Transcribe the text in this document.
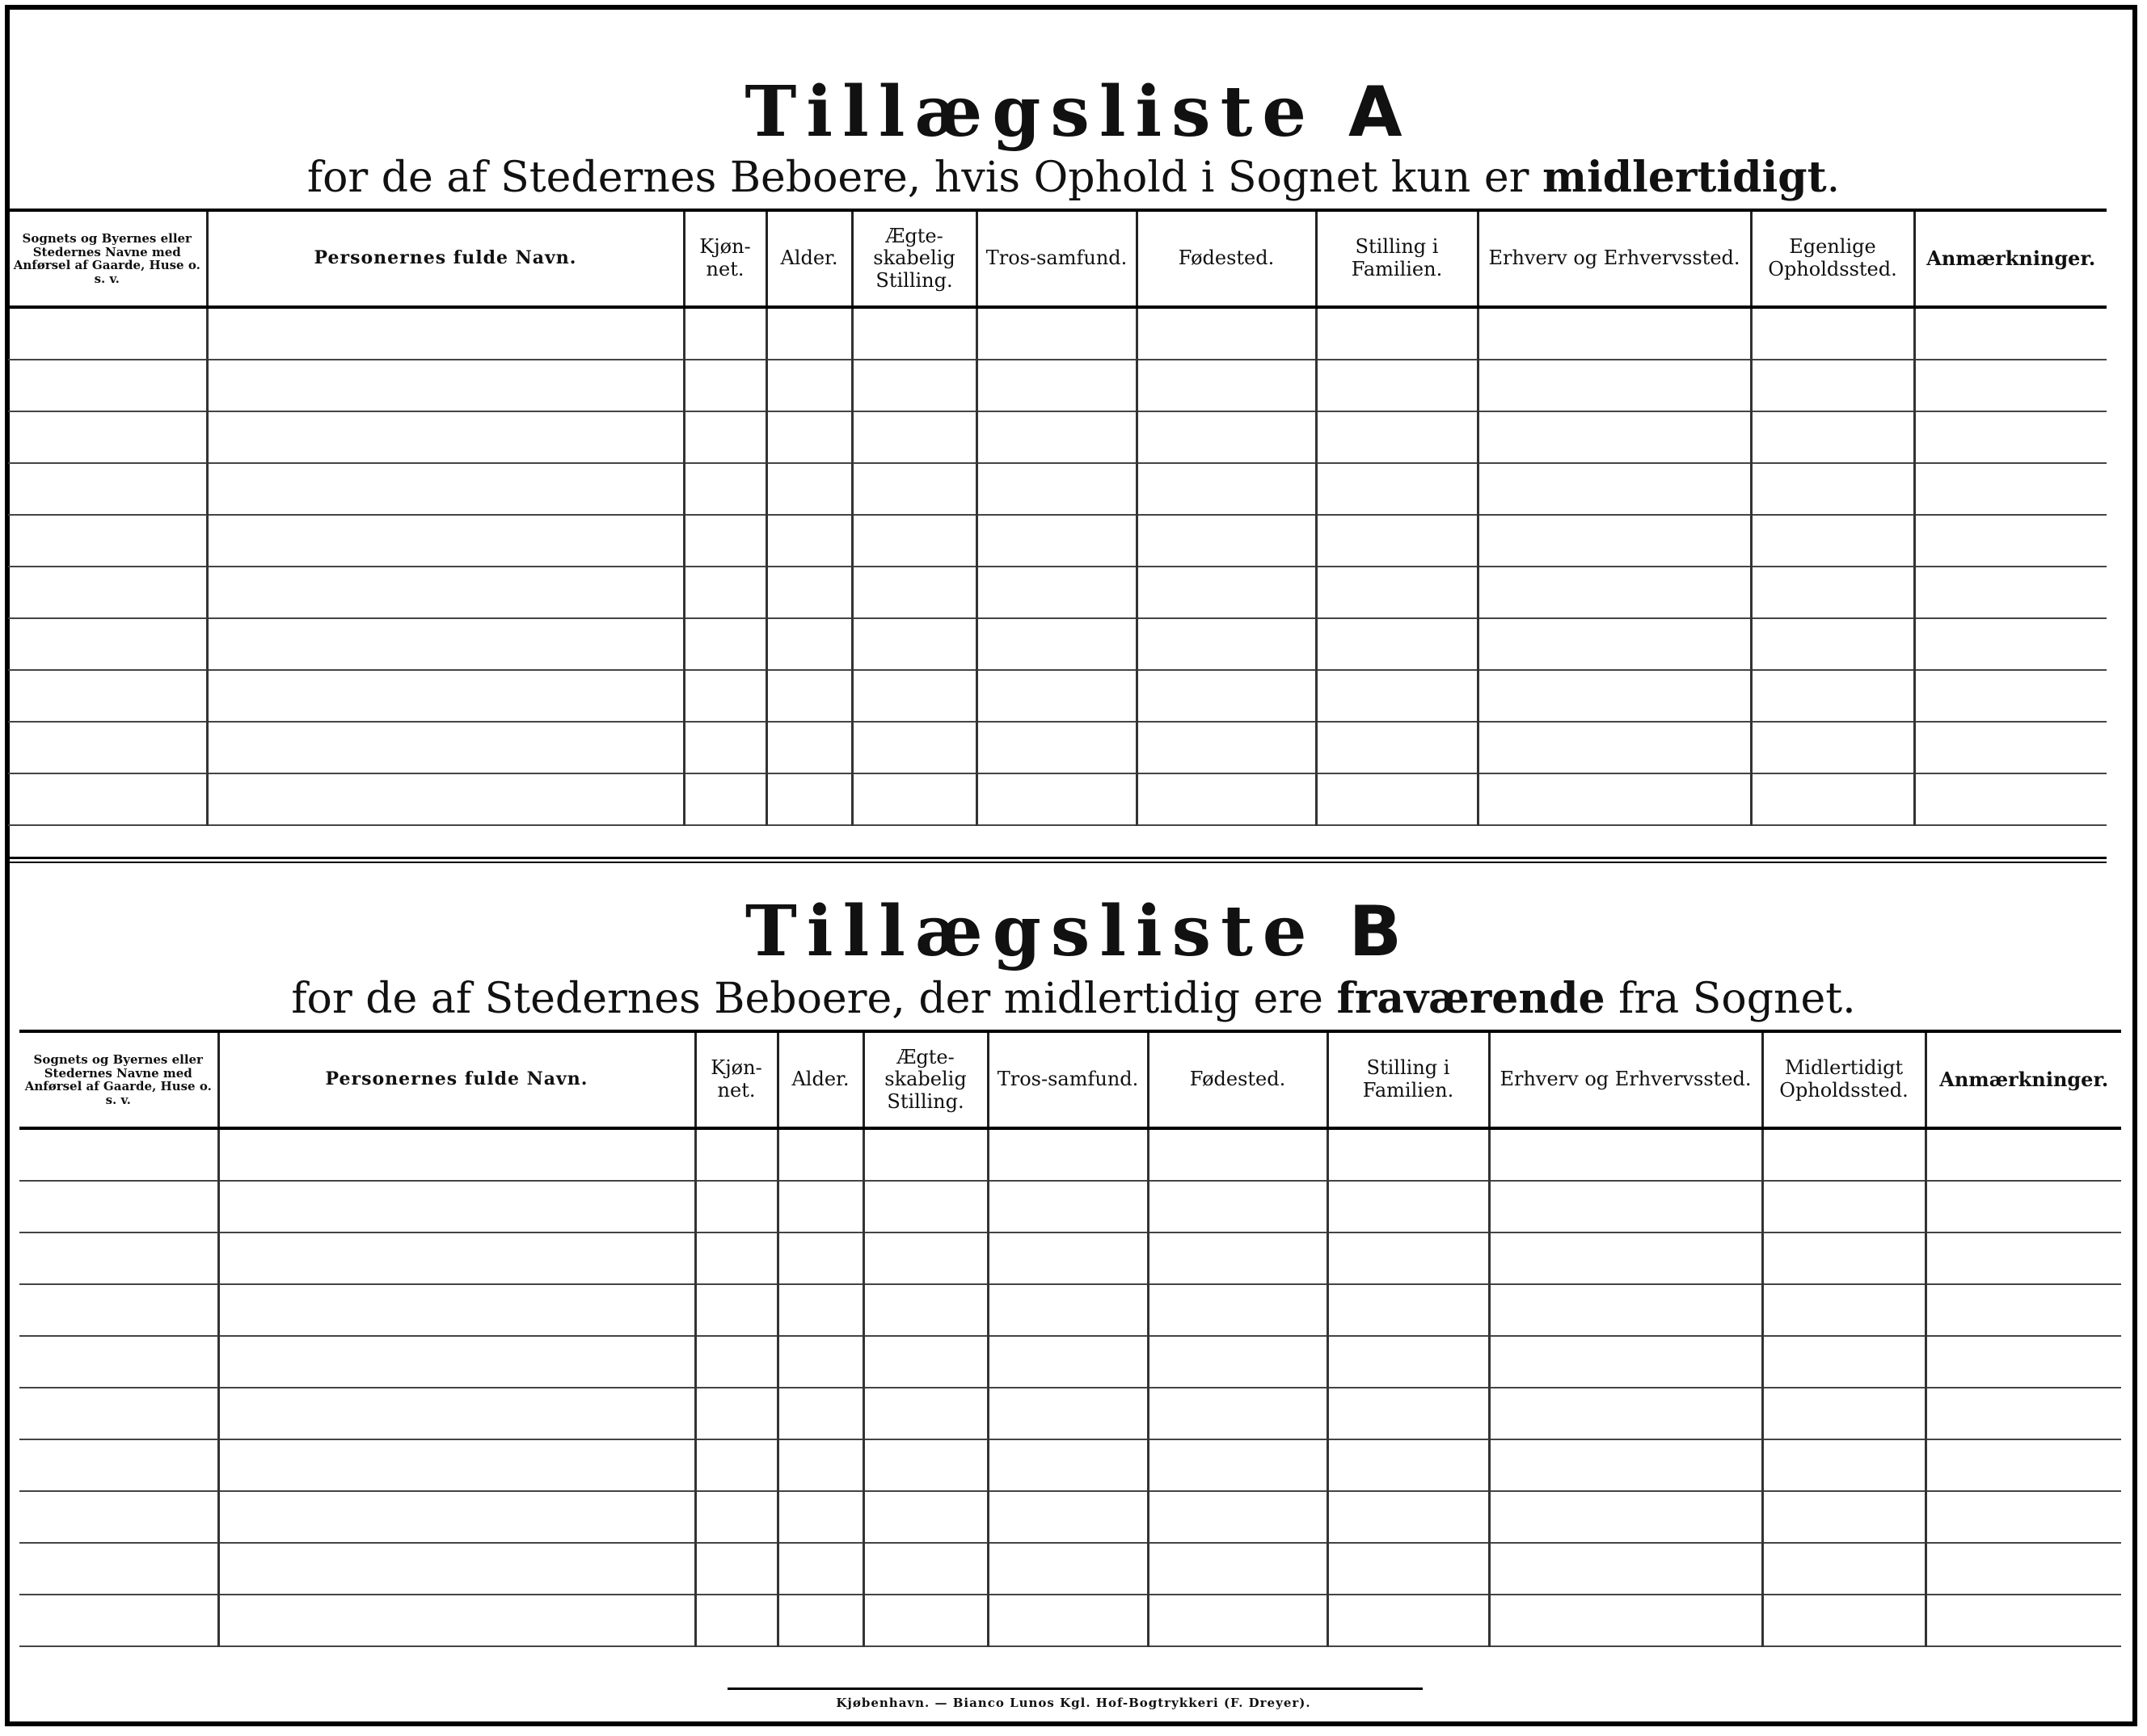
Tillægsliste A
for de af Stedernes Beboere, hvis Ophold i Sognet kun er midlertidigt.
Sognets og Byernes eller Stedernes Navne med Anførsel af Gaarde, Huse o. s. v.	Personernes fulde Navn.	Kjøn-net.	Alder.	Ægte-skabelig Stilling.	Tros-samfund.	Fødested.	Stilling i Familien.	Erhverv og Erhvervssted.	Egenlige Opholdssted.	Anmærkninger.

Tillægsliste B
for de af Stedernes Beboere, der midlertidig ere fraværende fra Sognet.
Sognets og Byernes eller Stedernes Navne med Anførsel af Gaarde, Huse o. s. v.	Personernes fulde Navn.	Kjøn-net.	Alder.	Ægte-skabelig Stilling.	Tros-samfund.	Fødested.	Stilling i Familien.	Erhverv og Erhvervssted.	Midlertidigt Opholdssted.	Anmærkninger.

Kjøbenhavn. — Bianco Lunos Kgl. Hof-Bogtrykkeri (F. Dreyer).
